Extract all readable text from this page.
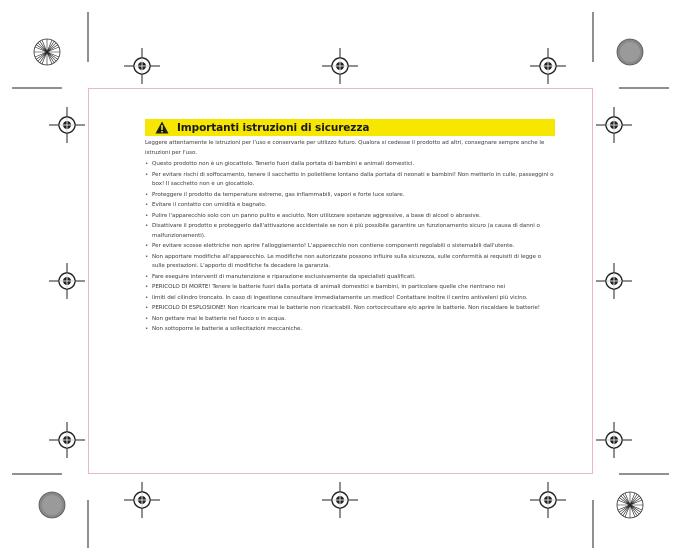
Importanti istruzioni di sicurezza

Leggere attentamente le istruzioni per l'uso e conservarle per utilizzo futuro. Qualora si cedesse il prodotto ad altri, consegnare sempre anche le istruzioni per l'uso.

• Questo prodotto non è un giocattolo. Tenerlo fuori dalla portata di bambini e animali domestici.
• Per evitare rischi di soffocamento, tenere il sacchetto in polietilene lontano dalla portata di neonati e bambini! Non metterlo in culle, passeggini o box! Il sacchetto non è un giocattolo.
• Proteggere il prodotto da temperature estreme, gas infiammabili, vapori e forte luce solare.
• Evitare il contatto con umidità e bagnato.
• Pulire l'apparecchio solo con un panno pulito e asciutto. Non utilizzare sostanze aggressive, a base di alcool o abrasive.
• Disattivare il prodotto e proteggerlo dall'attivazione accidentale se non è più possibile garantire un funzionamento sicuro (a causa di danni o malfunzionamenti).
• Per evitare scosse elettriche non aprire l'alloggiamento! L'apparecchio non contiene componenti regolabili o sistemabili dall'utente.
• Non apportare modifiche all'apparecchio. Le modifiche non autorizzate possono influire sulla sicurezza, sulle conformità ai requisiti di legge o sulle prestazioni. L'apporto di modifiche fa decadere la garanzia.
• Fare eseguire interventi di manutenzione e riparazione esclusivamente da specialisti qualificati.
• PERICOLO DI MORTE! Tenere le batterie fuori dalla portata di animali domestici e bambini, in particolare quelle che rientrano nei
• limiti del cilindro troncato. In caso di ingestione consultare immediatamente un medico! Contattare inoltre il centro antiveleni più vicino.
• PERICOLO DI ESPLOSIONE! Non ricaricare mai le batterie non ricaricabili. Non cortocircuitare e/o aprire le batterie. Non riscaldare le batterie!
• Non gettare mai le batterie nel fuoco o in acqua.
• Non sottoporre le batterie a sollecitazioni meccaniche.
